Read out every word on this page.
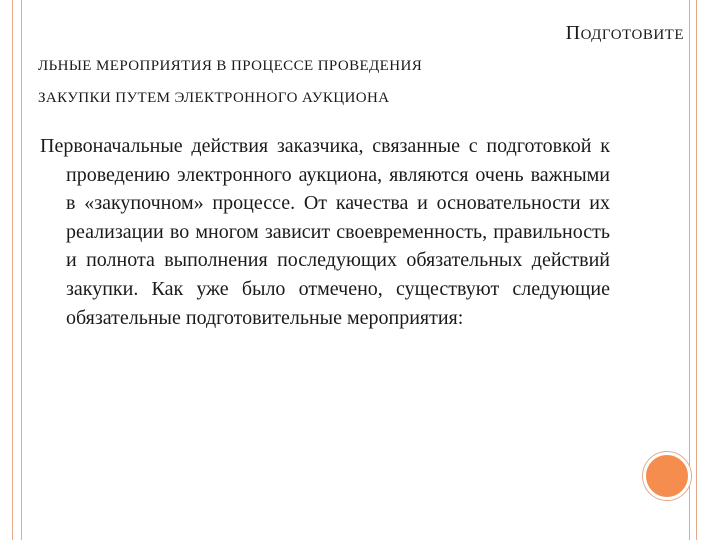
ПОДГОТОВИТЕ
ЛЬНЫЕ МЕРОПРИЯТИЯ В ПРОЦЕССЕ ПРОВЕДЕНИЯ
ЗАКУПКИ ПУТЕМ ЭЛЕКТРОННОГО АУКЦИОНА
Первоначальные действия заказчика, связанные с подготовкой к проведению электронного аукциона, являются очень важными в «закупочном» процессе. От качества и основательности их реализации во многом зависит своевременность, правильность и полнота выполнения последующих обязательных действий закупки. Как уже было отмечено, существуют следующие обязательные подготовительные мероприятия:
